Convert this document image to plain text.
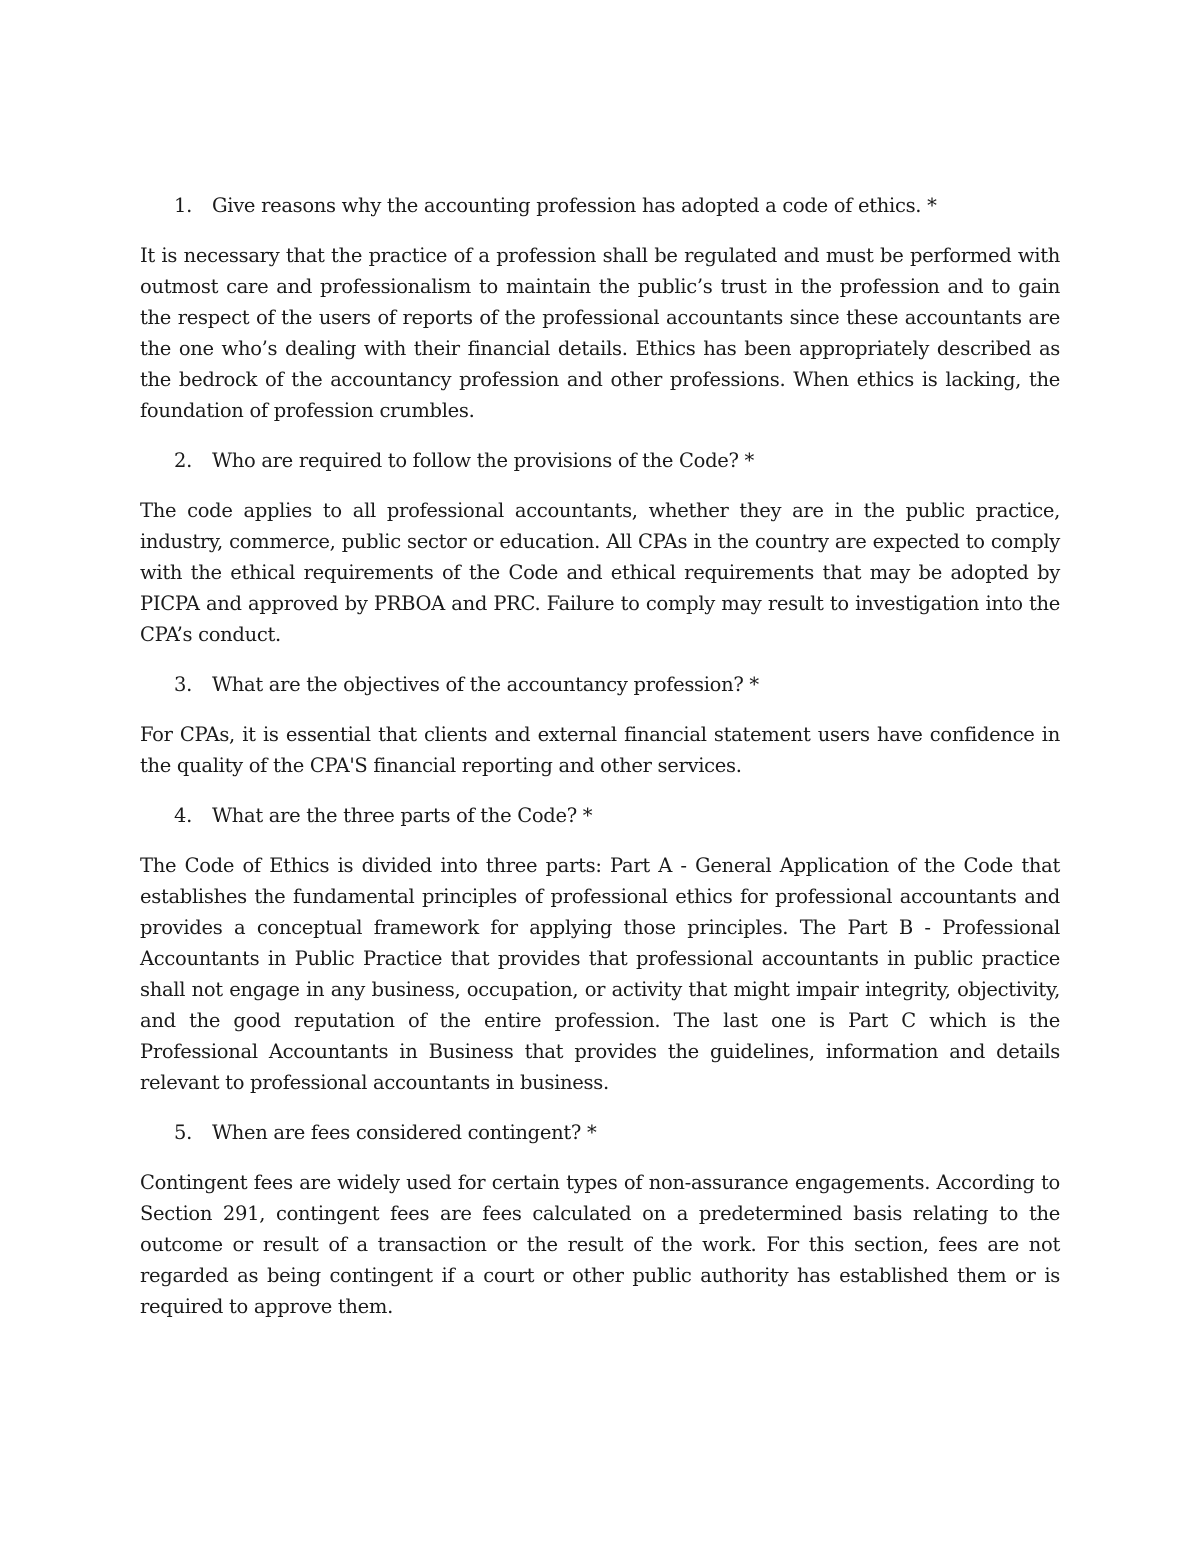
1.	Give reasons why the accounting profession has adopted a code of ethics. *

It is necessary that the practice of a profession shall be regulated and must be performed with outmost care and professionalism to maintain the public’s trust in the profession and to gain the respect of the users of reports of the professional accountants since these accountants are the one who’s dealing with their financial details. Ethics has been appropriately described as the bedrock of the accountancy profession and other professions. When ethics is lacking, the foundation of profession crumbles.

2.	Who are required to follow the provisions of the Code? *

The code applies to all professional accountants, whether they are in the public practice, industry, commerce, public sector or education. All CPAs in the country are expected to comply with the ethical requirements of the Code and ethical requirements that may be adopted by PICPA and approved by PRBOA and PRC. Failure to comply may result to investigation into the CPA’s conduct.

3.	What are the objectives of the accountancy profession? *

For CPAs, it is essential that clients and external financial statement users have confidence in the quality of the CPA'S financial reporting and other services.

4.	What are the three parts of the Code? *

The Code of Ethics is divided into three parts: Part A - General Application of the Code that establishes the fundamental principles of professional ethics for professional accountants and provides a conceptual framework for applying those principles. The Part B - Professional Accountants in Public Practice that provides that professional accountants in public practice shall not engage in any business, occupation, or activity that might impair integrity, objectivity, and the good reputation of the entire profession. The last one is Part C which is the Professional Accountants in Business that provides the guidelines, information and details relevant to professional accountants in business.

5.	When are fees considered contingent? *

Contingent fees are widely used for certain types of non-assurance engagements. According to Section 291, contingent fees are fees calculated on a predetermined basis relating to the outcome or result of a transaction or the result of the work. For this section, fees are not regarded as being contingent if a court or other public authority has established them or is required to approve them.
